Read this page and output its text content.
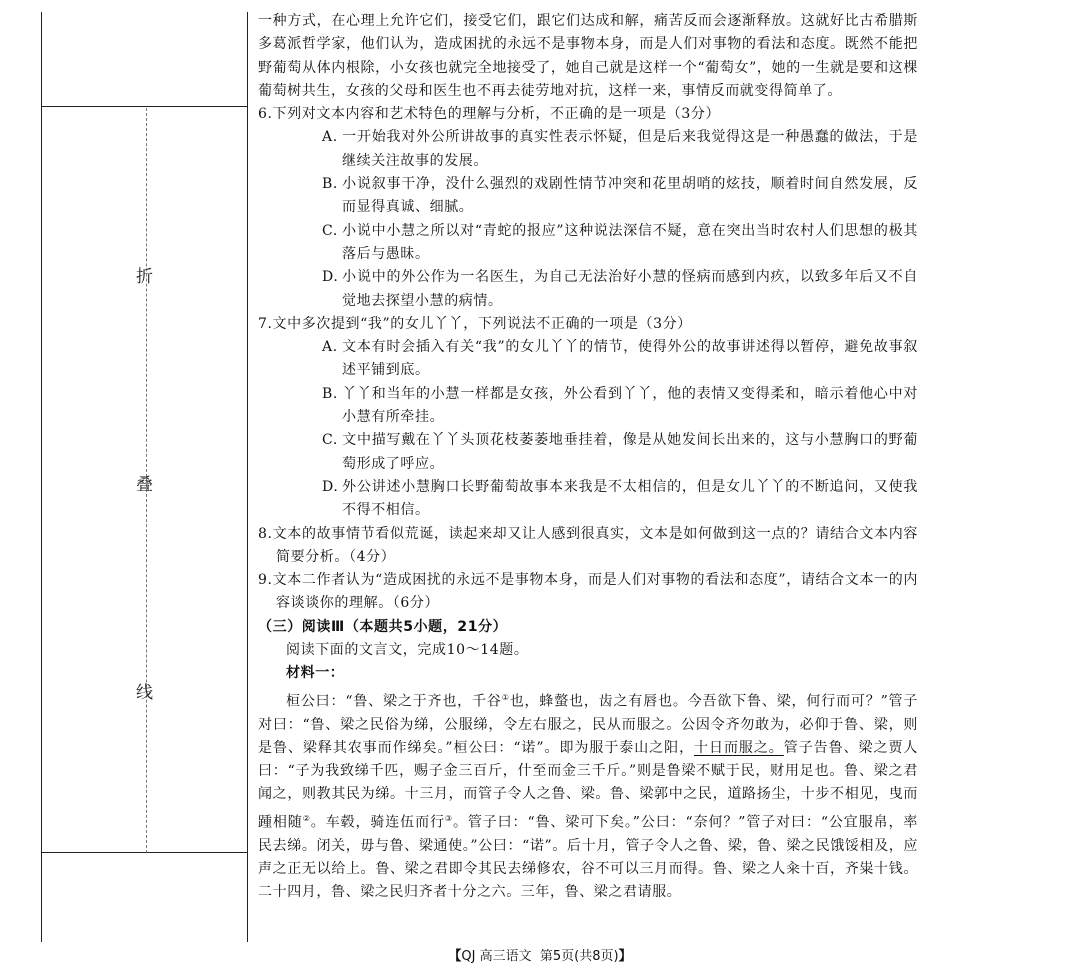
折
叠
线

一种方式，在心理上允许它们，接受它们，跟它们达成和解，痛苦反而会逐渐释放。这就好比古希腊斯多葛派哲学家，他们认为，造成困扰的永远不是事物本身，而是人们对事物的看法和态度。既然不能把野葡萄从体内根除，小女孩也就完全地接受了，她自己就是这样一个“葡萄女”，她的一生就是要和这棵葡萄树共生，女孩的父母和医生也不再去徒劳地对抗，这样一来，事情反而就变得简单了。

6.下列对文本内容和艺术特色的理解与分析，不正确的是一项是（3分）

A. 一开始我对外公所讲故事的真实性表示怀疑，但是后来我觉得这是一种愚蠢的做法，于是继续关注故事的发展。

B. 小说叙事干净，没什么强烈的戏剧性情节冲突和花里胡哨的炫技，顺着时间自然发展，反而显得真诚、细腻。

C. 小说中小慧之所以对“青蛇的报应”这种说法深信不疑，意在突出当时农村人们思想的极其落后与愚昧。

D. 小说中的外公作为一名医生，为自己无法治好小慧的怪病而感到内疚，以致多年后又不自觉地去探望小慧的病情。

7.文中多次提到“我”的女儿丫丫，下列说法不正确的一项是（3分）

A. 文本有时会插入有关“我”的女儿丫丫的情节，使得外公的故事讲述得以暂停，避免故事叙述平铺到底。

B. 丫丫和当年的小慧一样都是女孩，外公看到丫丫，他的表情又变得柔和，暗示着他心中对小慧有所牵挂。

C. 文中描写戴在丫丫头顶花枝萎萎地垂挂着，像是从她发间长出来的，这与小慧胸口的野葡萄形成了呼应。

D. 外公讲述小慧胸口长野葡萄故事本来我是不太相信的，但是女儿丫丫的不断追问，又使我不得不相信。

8.文本的故事情节看似荒诞，读起来却又让人感到很真实，文本是如何做到这一点的？请结合文本内容简要分析。（4分）

9.文本二作者认为“造成困扰的永远不是事物本身，而是人们对事物的看法和态度”，请结合文本一的内容谈谈你的理解。（6分）

（三）阅读Ⅲ（本题共5小题，21分）

阅读下面的文言文，完成10～14题。

材料一：

桓公曰：“鲁、梁之于齐也，千谷①也，蜂螫也，齿之有唇也。今吾欲下鲁、梁，何行而可？”管子对曰：“鲁、梁之民俗为绨，公服绨，令左右服之，民从而服之。公因令齐勿敢为，必仰于鲁、梁，则是鲁、梁释其农事而作绨矣。”桓公曰：“诺”。即为服于泰山之阳，十日而服之。管子告鲁、梁之贾人曰：“子为我致绨千匹，赐子金三百斤，什至而金三千斤。”则是鲁梁不赋于民，财用足也。鲁、梁之君闻之，则教其民为绨。十三月，而管子令人之鲁、梁。鲁、梁郭中之民，道路扬尘，十步不相见，曳而踵相随②。车毂，骑连伍而行③。管子曰：“鲁、梁可下矣。”公曰：“奈何？”管子对曰：“公宜服帛，率民去绨。闭关，毋与鲁、梁通使。”公曰：“诺”。后十月，管子令人之鲁、梁，鲁、梁之民饿馁相及，应声之正无以给上。鲁、梁之君即令其民去绨修农，谷不可以三月而得。鲁、梁之人籴十百，齐粜十钱。二十四月，鲁、梁之民归齐者十分之六。三年，鲁、梁之君请服。

【QJ 高三语文 第5页(共8页)】
